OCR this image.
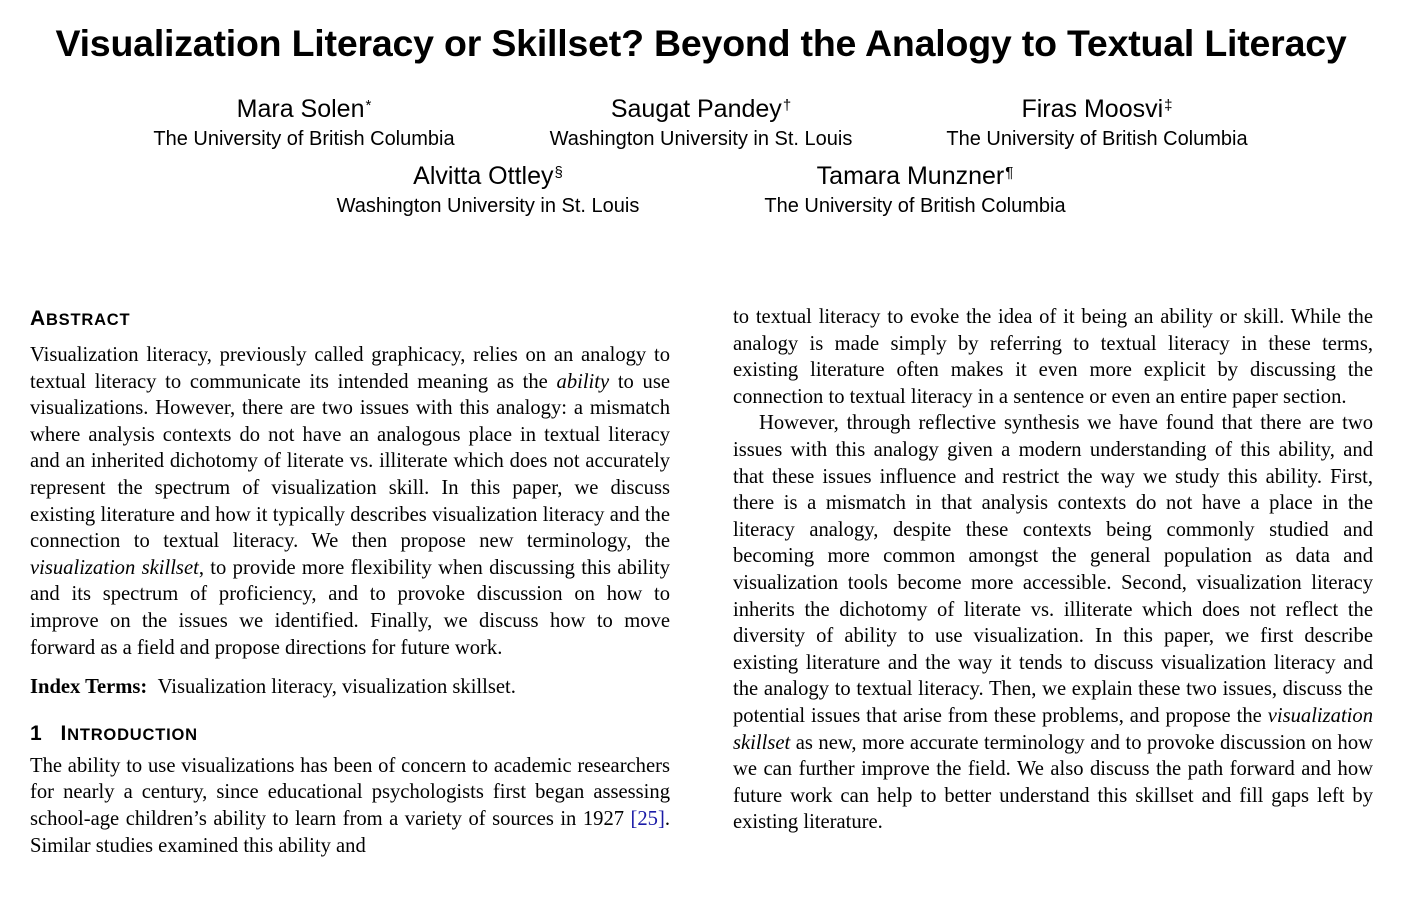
Visualization Literacy or Skillset? Beyond the Analogy to Textual Literacy
Mara Solen*
The University of British Columbia
Saugat Pandey†
Washington University in St. Louis
Firas Moosvi‡
The University of British Columbia
Alvitta Ottley§
Washington University in St. Louis
Tamara Munzner¶
The University of British Columbia
ABSTRACT

Visualization literacy, previously called graphicacy, relies on an analogy to textual literacy to communicate its intended meaning as the ability to use visualizations. However, there are two issues with this analogy: a mismatch where analysis contexts do not have an analogous place in textual literacy and an inherited dichotomy of literate vs. illiterate which does not accurately represent the spectrum of visualization skill. In this paper, we discuss existing literature and how it typically describes visualization literacy and the connection to textual literacy. We then propose new terminology, the visualization skillset, to provide more flexibility when discussing this ability and its spectrum of proficiency, and to provoke discussion on how to improve on the issues we identified. Finally, we discuss how to move forward as a field and propose directions for future work.

Index Terms: Visualization literacy, visualization skillset.

1 INTRODUCTION

The ability to use visualizations has been of concern to academic researchers for nearly a century, since educational psychologists first began assessing school-age children’s ability to learn from a variety of sources in 1927 [25]. Similar studies examined this ability and

to textual literacy to evoke the idea of it being an ability or skill. While the analogy is made simply by referring to textual literacy in these terms, existing literature often makes it even more explicit by discussing the connection to textual literacy in a sentence or even an entire paper section.

However, through reflective synthesis we have found that there are two issues with this analogy given a modern understanding of this ability, and that these issues influence and restrict the way we study this ability. First, there is a mismatch in that analysis contexts do not have a place in the literacy analogy, despite these contexts being commonly studied and becoming more common amongst the general population as data and visualization tools become more accessible. Second, visualization literacy inherits the dichotomy of literate vs. illiterate which does not reflect the diversity of ability to use visualization. In this paper, we first describe existing literature and the way it tends to discuss visualization literacy and the analogy to textual literacy. Then, we explain these two issues, discuss the potential issues that arise from these problems, and propose the visualization skillset as new, more accurate terminology and to provoke discussion on how we can further improve the field. We also discuss the path forward and how future work can help to better understand this skillset and fill gaps left by existing literature.
